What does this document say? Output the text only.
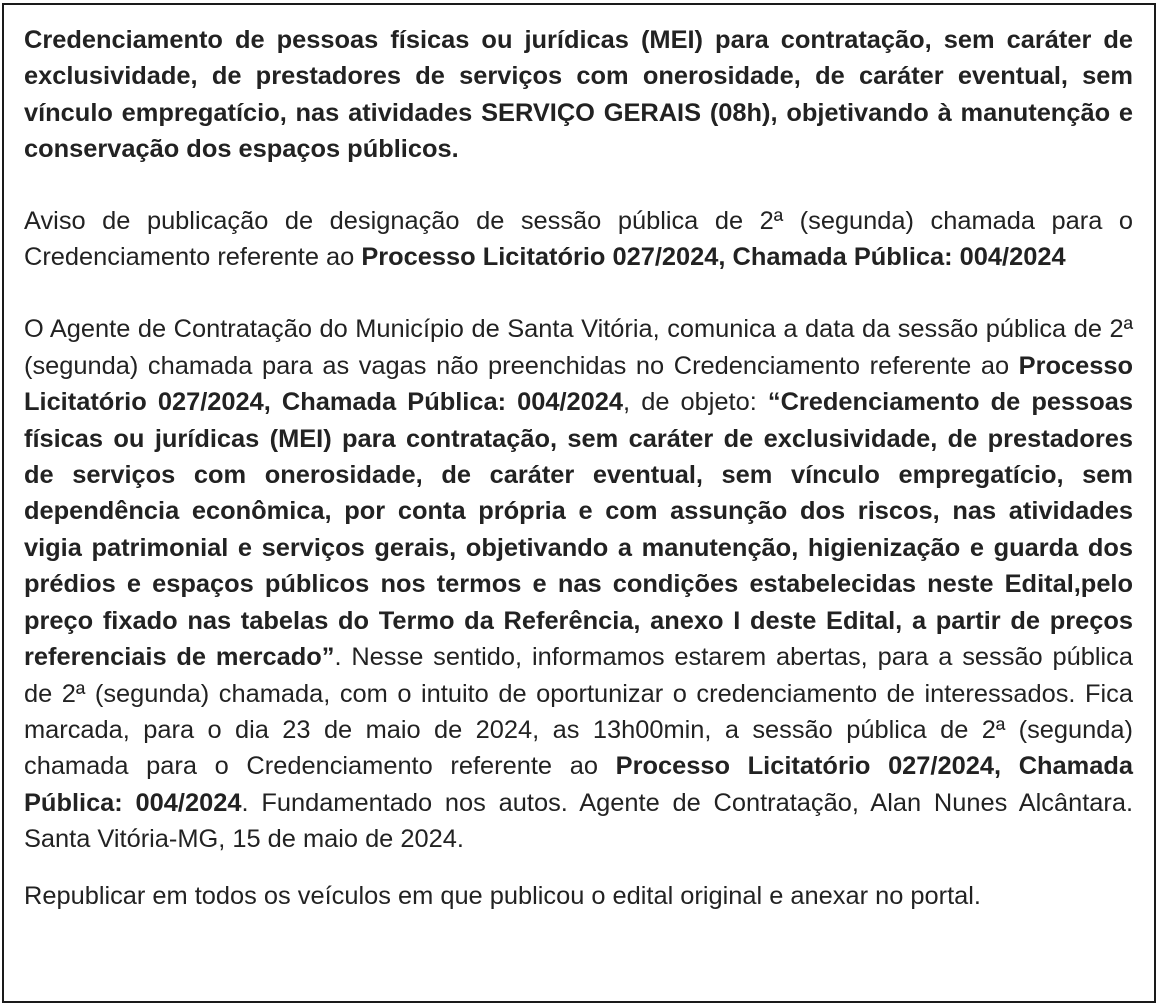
Credenciamento de pessoas físicas ou jurídicas (MEI) para contratação, sem caráter de exclusividade, de prestadores de serviços com onerosidade, de caráter eventual, sem vínculo empregatício, nas atividades SERVIÇO GERAIS (08h), objetivando à manutenção e conservação dos espaços públicos.

Aviso de publicação de designação de sessão pública de 2ª (segunda) chamada para o Credenciamento referente ao Processo Licitatório 027/2024, Chamada Pública: 004/2024

O Agente de Contratação do Município de Santa Vitória, comunica a data da sessão pública de 2ª (segunda) chamada para as vagas não preenchidas no Credenciamento referente ao Processo Licitatório 027/2024, Chamada Pública: 004/2024, de objeto: “Credenciamento de pessoas físicas ou jurídicas (MEI) para contratação, sem caráter de exclusividade, de prestadores de serviços com onerosidade, de caráter eventual, sem vínculo empregatício, sem dependência econômica, por conta própria e com assunção dos riscos, nas atividades vigia patrimonial e serviços gerais, objetivando a manutenção, higienização e guarda dos prédios e espaços públicos nos termos e nas condições estabelecidas neste Edital,pelo preço fixado nas tabelas do Termo da Referência, anexo I deste Edital, a partir de preços referenciais de mercado”. Nesse sentido, informamos estarem abertas, para a sessão pública de 2ª (segunda) chamada, com o intuito de oportunizar o credenciamento de interessados. Fica marcada, para o dia 23 de maio de 2024, as 13h00min, a sessão pública de 2ª (segunda) chamada para o Credenciamento referente ao Processo Licitatório 027/2024, Chamada Pública: 004/2024. Fundamentado nos autos. Agente de Contratação, Alan Nunes Alcântara. Santa Vitória-MG, 15 de maio de 2024.

Republicar em todos os veículos em que publicou o edital original e anexar no portal.
